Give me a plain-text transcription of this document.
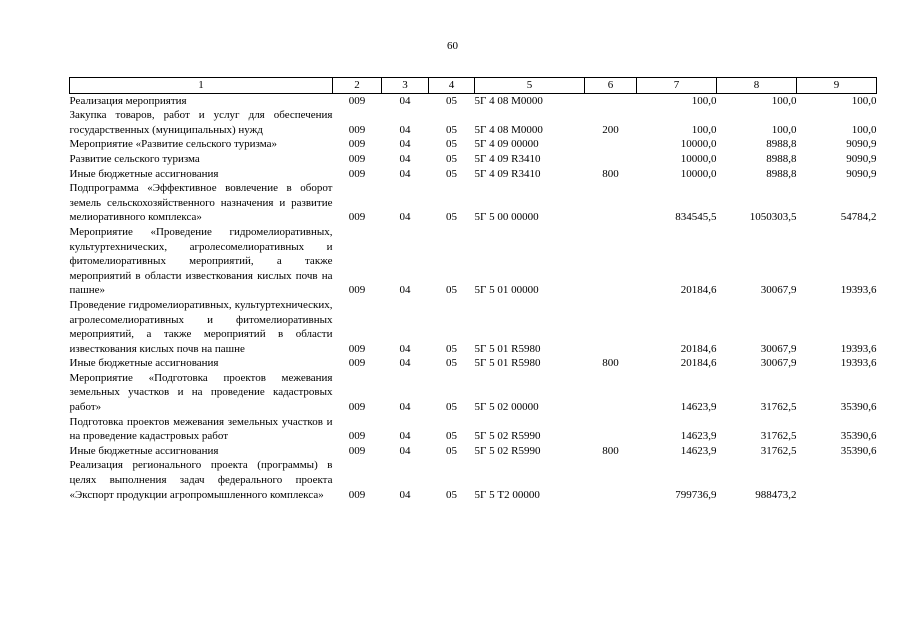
60
1	2	3	4	5	6	7	8	9
Реализация мероприятия	009	04	05	5Г 4 08 М0000		100,0	100,0	100,0
Закупка товаров, работ и услуг для обеспечения государственных (муниципальных) нужд	009	04	05	5Г 4 08 М0000	200	100,0	100,0	100,0
Мероприятие «Развитие сельского туризма»	009	04	05	5Г 4 09 00000		10000,0	8988,8	9090,9
Развитие сельского туризма	009	04	05	5Г 4 09 R3410		10000,0	8988,8	9090,9
Иные бюджетные ассигнования	009	04	05	5Г 4 09 R3410	800	10000,0	8988,8	9090,9
Подпрограмма «Эффективное вовлечение в оборот земель сельскохозяйственного назначения и развитие мелиоративного комплекса»	009	04	05	5Г 5 00 00000		834545,5	1050303,5	54784,2
Мероприятие «Проведение гидромелиоративных, культуртехнических, агролесомелиоративных и фитомелиоративных мероприятий, а также мероприятий в области известкования кислых почв на пашне»	009	04	05	5Г 5 01 00000		20184,6	30067,9	19393,6
Проведение гидромелиоративных, культуртехнических, агролесомелиоративных и фитомелиоративных мероприятий, а также мероприятий в области известкования кислых почв на пашне	009	04	05	5Г 5 01 R5980		20184,6	30067,9	19393,6
Иные бюджетные ассигнования	009	04	05	5Г 5 01 R5980	800	20184,6	30067,9	19393,6
Мероприятие «Подготовка проектов межевания земельных участков и на проведение кадастровых работ»	009	04	05	5Г 5 02 00000		14623,9	31762,5	35390,6
Подготовка проектов межевания земельных участков и на проведение кадастровых работ	009	04	05	5Г 5 02 R5990		14623,9	31762,5	35390,6
Иные бюджетные ассигнования	009	04	05	5Г 5 02 R5990	800	14623,9	31762,5	35390,6
Реализация регионального проекта (программы) в целях выполнения задач федерального проекта «Экспорт продукции агропромышленного комплекса»	009	04	05	5Г 5 Т2 00000		799736,9	988473,2	
